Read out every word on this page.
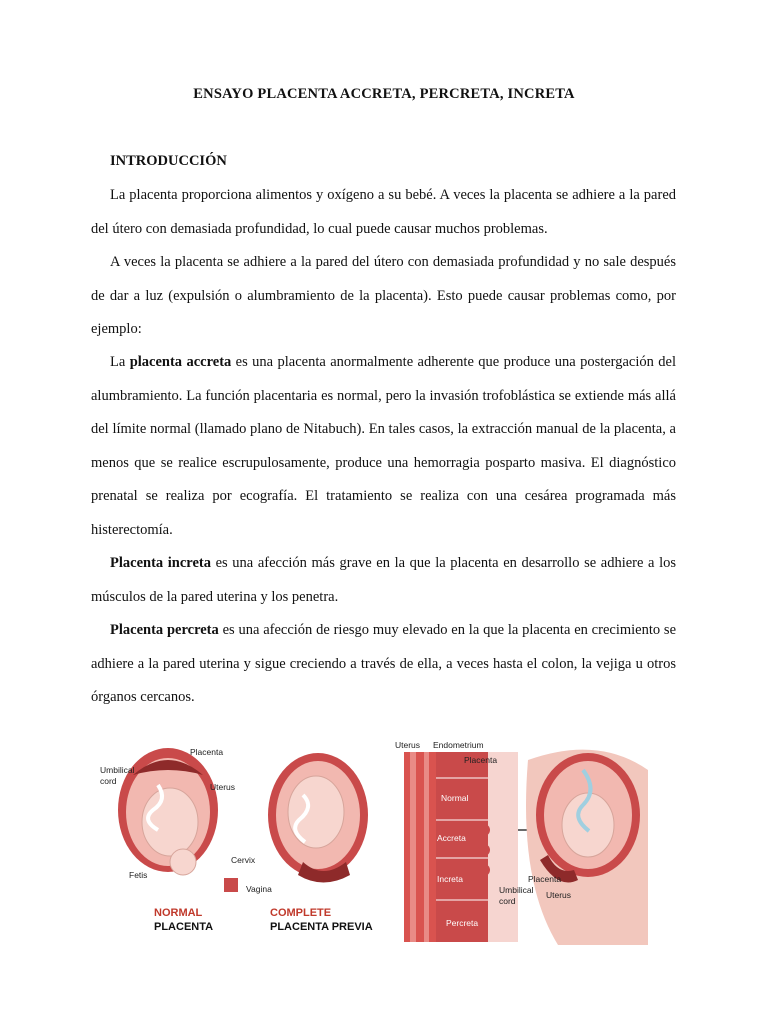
ENSAYO PLACENTA ACCRETA, PERCRETA, INCRETA
INTRODUCCIÓN
La placenta proporciona alimentos y oxígeno a su bebé. A veces la placenta se adhiere a la pared del útero con demasiada profundidad, lo cual puede causar muchos problemas.
A veces la placenta se adhiere a la pared del útero con demasiada profundidad y no sale después de dar a luz (expulsión o alumbramiento de la placenta). Esto puede causar problemas como, por ejemplo:
La placenta accreta es una placenta anormalmente adherente que produce una postergación del alumbramiento. La función placentaria es normal, pero la invasión trofoblástica se extiende más allá del límite normal (llamado plano de Nitabuch). En tales casos, la extracción manual de la placenta, a menos que se realice escrupulosamente, produce una hemorragia posparto masiva. El diagnóstico prenatal se realiza por ecografía. El tratamiento se realiza con una cesárea programada más histerectomía.
Placenta increta es una afección más grave en la que la placenta en desarrollo se adhiere a los músculos de la pared uterina y los penetra.
Placenta percreta es una afección de riesgo muy elevado en la que la placenta en crecimiento se adhiere a la pared uterina y sigue creciendo a través de ella, a veces hasta el colon, la vejiga u otros órganos cercanos.
Placenta
Umbilical
cord
Uterus
Cervix
Vagina
Fetis
NORMAL
PLACENTA
COMPLETE
PLACENTA PREVIA
Uterus Endometrium
Placenta
Normal
Accreta
Increta
Percreta
Placenta
Umbilical
cord
Uterus
